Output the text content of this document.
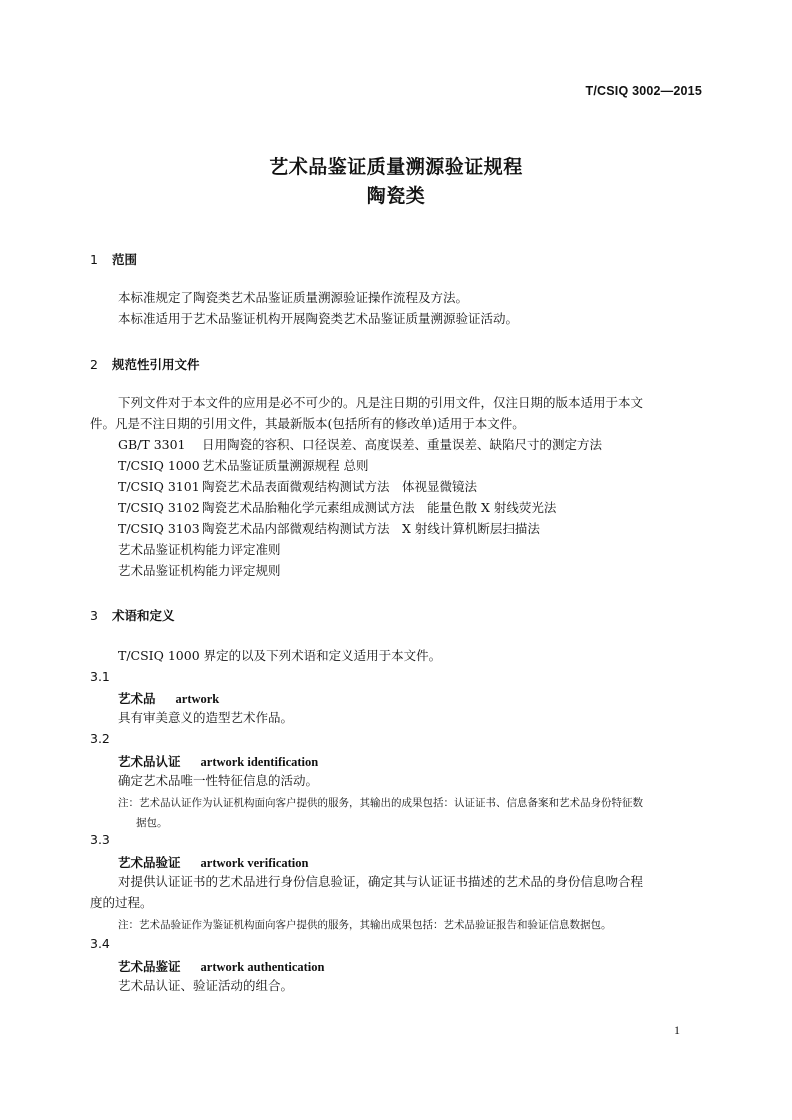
T/CSIQ 3002—2015
艺术品鉴证质量溯源验证规程
陶瓷类
1 范围
本标准规定了陶瓷类艺术品鉴证质量溯源验证操作流程及方法。
本标准适用于艺术品鉴证机构开展陶瓷类艺术品鉴证质量溯源验证活动。
2 规范性引用文件
下列文件对于本文件的应用是必不可少的。凡是注日期的引用文件，仅注日期的版本适用于本文
件。凡是不注日期的引用文件，其最新版本(包括所有的修改单)适用于本文件。
GB/T 3301 日用陶瓷的容积、口径误差、高度误差、重量误差、缺陷尺寸的测定方法
T/CSIQ 1000 艺术品鉴证质量溯源规程 总则
T/CSIQ 3101 陶瓷艺术品表面微观结构测试方法　体视显微镜法
T/CSIQ 3102 陶瓷艺术品胎釉化学元素组成测试方法　能量色散 X 射线荧光法
T/CSIQ 3103 陶瓷艺术品内部微观结构测试方法　X 射线计算机断层扫描法
艺术品鉴证机构能力评定准则
艺术品鉴证机构能力评定规则
3 术语和定义
T/CSIQ 1000 界定的以及下列术语和定义适用于本文件。
3.1
艺术品 artwork
具有审美意义的造型艺术作品。
3.2
艺术品认证 artwork identification
确定艺术品唯一性特征信息的活动。
注：艺术品认证作为认证机构面向客户提供的服务，其输出的成果包括：认证证书、信息备案和艺术品身份特征数
据包。
3.3
艺术品验证 artwork verification
对提供认证证书的艺术品进行身份信息验证，确定其与认证证书描述的艺术品的身份信息吻合程
度的过程。
注：艺术品验证作为鉴证机构面向客户提供的服务，其输出成果包括：艺术品验证报告和验证信息数据包。
3.4
艺术品鉴证 artwork authentication
艺术品认证、验证活动的组合。
1
